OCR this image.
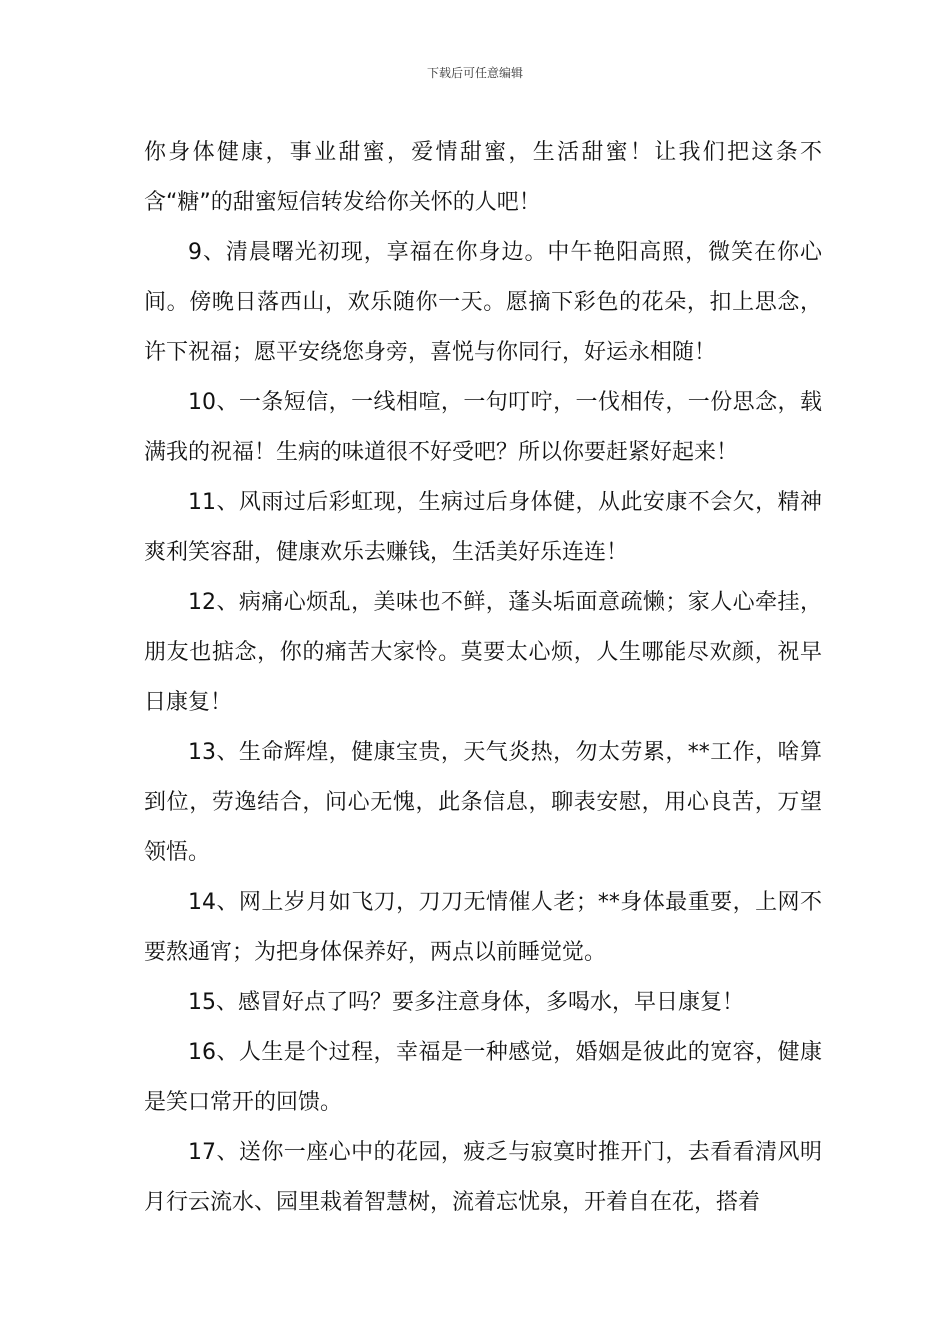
下载后可任意编辑

你身体健康，事业甜蜜，爱情甜蜜，生活甜蜜！让我们把这条不含“糖”的甜蜜短信转发给你关怀的人吧！

9、清晨曙光初现，享福在你身边。中午艳阳高照，微笑在你心间。傍晚日落西山，欢乐随你一天。愿摘下彩色的花朵，扣上思念，许下祝福；愿平安绕您身旁，喜悦与你同行，好运永相随！

10、一条短信，一线相喧，一句叮咛，一伐相传，一份思念，载满我的祝福！生病的味道很不好受吧？所以你要赶紧好起来！

11、风雨过后彩虹现，生病过后身体健，从此安康不会欠，精神爽利笑容甜，健康欢乐去赚钱，生活美好乐连连！

12、病痛心烦乱，美味也不鲜，蓬头垢面意疏懒；家人心牵挂，朋友也掂念，你的痛苦大家怜。莫要太心烦，人生哪能尽欢颜，祝早日康复！

13、生命辉煌，健康宝贵，天气炎热，勿太劳累，**工作，啥算到位，劳逸结合，问心无愧，此条信息，聊表安慰，用心良苦，万望领悟。

14、网上岁月如飞刀，刀刀无情催人老；**身体最重要，上网不要熬通宵；为把身体保养好，两点以前睡觉觉。

15、感冒好点了吗？要多注意身体，多喝水，早日康复！

16、人生是个过程，幸福是一种感觉，婚姻是彼此的宽容，健康是笑口常开的回馈。

17、送你一座心中的花园，疲乏与寂寞时推开门，去看看清风明月行云流水、园里栽着智慧树，流着忘忧泉，开着自在花，搭着
